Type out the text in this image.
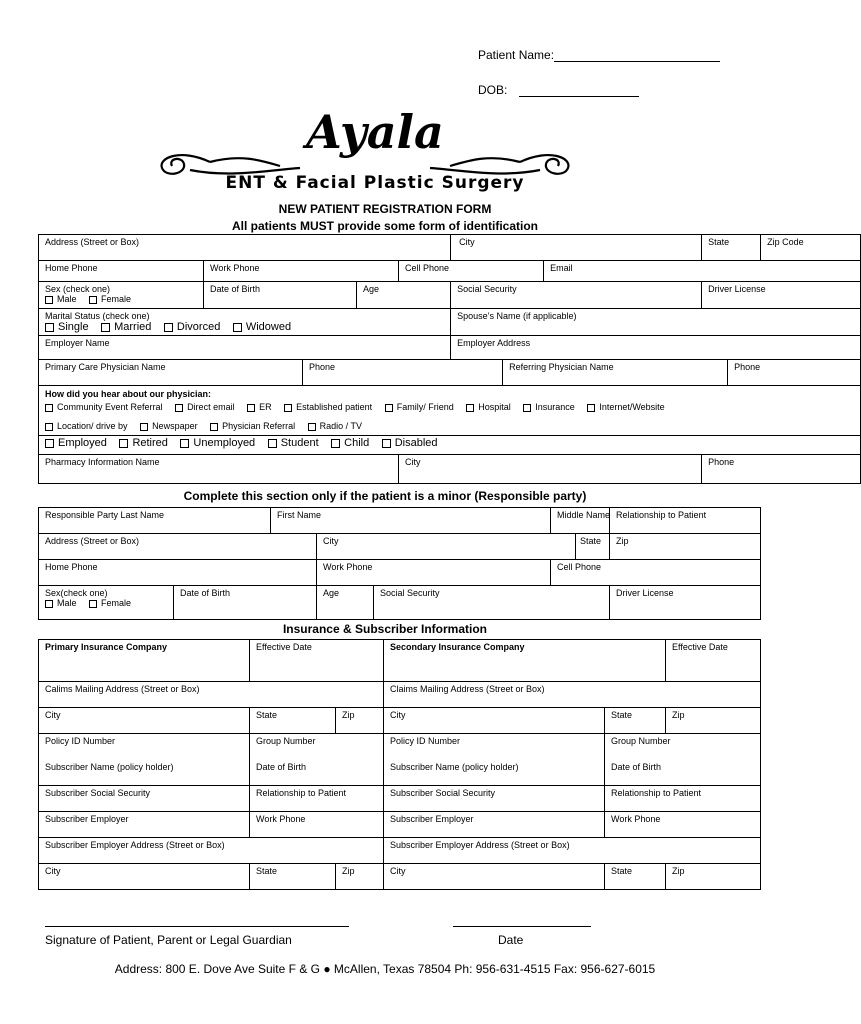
Patient Name:
DOB:
Ayala
ENT & Facial Plastic Surgery
NEW PATIENT REGISTRATION FORM
All patients MUST provide some form of identification
Address (Street or Box)					City			State		Zip Code
Home Phone	Work Phone			Cell Phone			Email			

Sex (check one)
Male Female	Date of Birth		Age		Social Security			Driver License		

Marital Status (check one)
Single Married Divorced Widowed					Spouse’s Name (if applicable)					
Employer Name					Employer Address					
Primary Care Physician Name		Phone				Referring Physician Name			Phone	

How did you hear about our physician:
Community Event Referral Direct email ER Established patient Family/ Friend Hospital Insurance Internet/Website
Location/ drive by Newspaper Physician Referral Radio / TV										

Employed Retired Unemployed Student Child Disabled										
Pharmacy Information Name				City				Phone		
Complete this section only if the patient is a minor (Responsible party)
Responsible Party Last Name		First Name			Middle Name		Relationship to Patient
Address (Street or Box)			City			State	Zip
Home Phone			Work Phone		Cell Phone		

Sex(check one)
Male Female	Date of Birth		Age	Social Security			Driver License
Insurance & Subscriber Information
Primary Insurance Company	Effective Date		Secondary Insurance Company		Effective Date
Calims Mailing Address (Street or Box)			Claims Mailing Address (Street or Box)		
City	State	Zip	City	State	Zip
Policy ID Number	Group Number		Policy ID Number	Group Number	
Subscriber Name (policy holder)	Date of Birth		Subscriber Name (policy holder)	Date of Birth	
Subscriber Social Security	Relationship to Patient		Subscriber Social Security	Relationship to Patient	
Subscriber Employer	Work Phone		Subscriber Employer	Work Phone	
Subscriber Employer Address (Street or Box)			Subscriber Employer Address (Street or Box)		
City	State	Zip	City	State	Zip
Signature of Patient, Parent or Legal Guardian	Date
Address: 800 E. Dove Ave Suite F & G ● McAllen, Texas 78504 Ph: 956-631-4515 Fax: 956-627-6015
